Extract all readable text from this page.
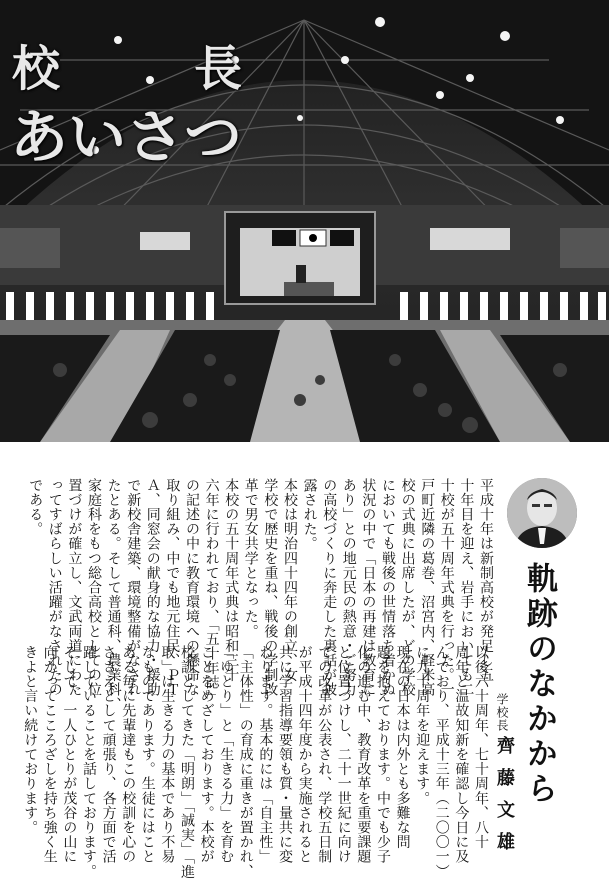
校	長
あいさつ
平成十年は新制高校が発足し五
十年目を迎え、岩手においても二
十校が五十周年式典を行った。一
戸町近隣の葛巻、沼宮内、軽米高
校の式典に出席したが、どの学校
においても戦後の世情落ち着かぬ
状況の中で「日本の再建は教育に
あり」との地元民の熱意・ご努力
の高校づくりに奔走した裏話が披
露された。
本校は明治四十四年の創立、女
学校で歴史を重ね、戦後の学制改
革で男女共学となった。
本校の五十周年式典は昭和三十
六年に行われており、「五十年誌」
の記述の中に教育環境への懸命な
取り組み、中でも地元住民、ＰＴ
Ａ、同窓会の献身的な協力・援助
で新校舎建築、環境整備がなされ
たとある。そして普通科、農業科、
家庭科をもつ総合高校としての位
置づけが確立し、文武両道にわた
ってすばらしい活躍がなされたの
である。
以後六十周年、七十周年、八十
周年と温故知新を確認し今日に及
んでおり、平成十三年（二〇〇一）
に九十周年を迎えます。
現在の日本は内外とも多難な問
題を抱えております。中でも少子
化の進む中、教育改革を重要課題
と位置づけし、二十一世紀に向け
ての改革が公表され、学校五日制
が平成十四年度から実施されると
共に学習指導要領も質・量共に変
わります。基本的には「自主性」
「主体性」の育成に重きが置かれ、
「ゆとり」と「生きる力」を育む
ことをめざしております。本校が
校訓としてきた「明朗」「誠実」「進
取」は生きる力の基本であり不易
なものであります。生徒にはこと
ある毎に先輩達もこの校訓を心の
ささえとして頑張り、各方面で活
躍していることを話しております。
そして、一人ひとりが茂谷の山に
向かってこころざしを持ち強く生
きよと言い続けております。	軌跡のなかから
学校長
齊藤文雄
